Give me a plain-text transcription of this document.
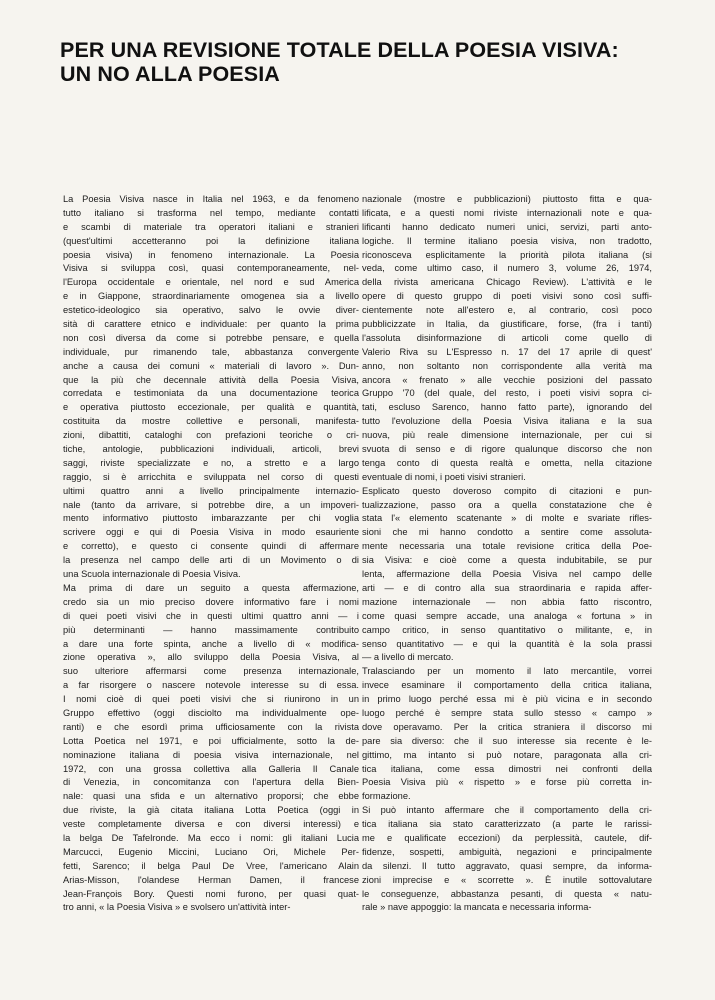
PER UNA REVISIONE TOTALE DELLA POESIA VISIVA:
UN NO ALLA POESIA
La Poesia Visiva nasce in Italia nel 1963, e da fenomeno
tutto italiano si trasforma nel tempo, mediante contatti
e scambi di materiale tra operatori italiani e stranieri
(quest'ultimi accetteranno poi la definizione italiana
poesia visiva) in fenomeno internazionale. La Poesia
Visiva si sviluppa così, quasi contemporaneamente, nel-
l'Europa occidentale e orientale, nel nord e sud America
e in Giappone, straordinariamente omogenea sia a livello
estetico-ideologico sia operativo, salvo le ovvie diver-
sità di carattere etnico e individuale: per quanto la prima
non così diversa da come si potrebbe pensare, e quella
individuale, pur rimanendo tale, abbastanza convergente
anche a causa dei comuni « materiali di lavoro ». Dun-
que la più che decennale attività della Poesia Visiva,
corredata e testimoniata da una documentazione teorica
e operativa piuttosto eccezionale, per qualità e quantità,
costituita da mostre collettive e personali, manifesta-
zioni, dibattiti, cataloghi con prefazioni teoriche o cri-
tiche, antologie, pubblicazioni individuali, articoli, brevi
saggi, riviste specializzate e no, a stretto e a largo
raggio, si è arricchita e sviluppata nel corso di questi
ultimi quattro anni a livello principalmente internazio-
nale (tanto da arrivare, si potrebbe dire, a un impoveri-
mento informativo piuttosto imbarazzante per chi voglia
scrivere oggi e qui di Poesia Visiva in modo esauriente
e corretto), e questo ci consente quindi di affermare
la presenza nel campo delle arti di un Movimento o di
una Scuola internazionale di Poesia Visiva.
Ma prima di dare un seguito a questa affermazione,
credo sia un mio preciso dovere informativo fare i nomi
di quei poeti visivi che in questi ultimi quattro anni — i
più determinanti — hanno massimamente contribuito
a dare una forte spinta, anche a livello di « modifica-
zione operativa », allo sviluppo della Poesia Visiva, al
suo ulteriore affermarsi come presenza internazionale,
a far risorgere o nascere notevole interesse su di essa.
I nomi cioè di quei poeti visivi che si riunirono in un
Gruppo effettivo (oggi disciolto ma individualmente ope-
ranti) e che esordì prima ufficiosamente con la rivista
Lotta Poetica nel 1971, e poi ufficialmente, sotto la de-
nominazione italiana di poesia visiva internazionale, nel
1972, con una grossa collettiva alla Galleria Il Canale
di Venezia, in concomitanza con l'apertura della Bien-
nale: quasi una sfida e un alternativo proporsi; che ebbe
due riviste, la già citata italiana Lotta Poetica (oggi in
veste completamente diversa e con diversi interessi) e
la belga De Tafelronde. Ma ecco i nomi: gli italiani Lucia
Marcucci, Eugenio Miccini, Luciano Ori, Michele Per-
fetti, Sarenco; il belga Paul De Vree, l'americano Alain
Arias-Misson, l'olandese Herman Damen, il francese
Jean-François Bory. Questi nomi furono, per quasi quat-
tro anni, « la Poesia Visiva » e svolsero un'attività inter-
nazionale (mostre e pubblicazioni) piuttosto fitta e qua-
lificata, e a questi nomi riviste internazionali note e qua-
lificanti hanno dedicato numeri unici, servizi, parti anto-
logiche. Il termine italiano poesia visiva, non tradotto,
riconosceva esplicitamente la priorità pilota italiana (si
veda, come ultimo caso, il numero 3, volume 26, 1974,
della rivista americana Chicago Review). L'attività e le
opere di questo gruppo di poeti visivi sono così suffi-
cientemente note all'estero e, al contrario, così poco
pubblicizzate in Italia, da giustificare, forse, (fra i tanti)
l'assoluta disinformazione di articoli come quello di
Valerio Riva su L'Espresso n. 17 del 17 aprile di quest'
anno, non soltanto non corrispondente alla verità ma
ancora « frenato » alle vecchie posizioni del passato
Gruppo '70 (del quale, del resto, i poeti visivi sopra ci-
tati, escluso Sarenco, hanno fatto parte), ignorando del
tutto l'evoluzione della Poesia Visiva italiana e la sua
nuova, più reale dimensione internazionale, per cui si
svuota di senso e di rigore qualunque discorso che non
tenga conto di questa realtà e ometta, nella citazione
eventuale di nomi, i poeti visivi stranieri.
Esplicato questo doveroso compito di citazioni e pun-
tualizzazione, passo ora a quella constatazione che è
stata l'« elemento scatenante » di molte e svariate rifles-
sioni che mi hanno condotto a sentire come assoluta-
mente necessaria una totale revisione critica della Poe-
sia Visiva: e cioè come a questa indubitabile, se pur
lenta, affermazione della Poesia Visiva nel campo delle
arti — e di contro alla sua straordinaria e rapida affer-
mazione internazionale — non abbia fatto riscontro,
come quasi sempre accade, una analoga « fortuna » in
campo critico, in senso quantitativo o militante, e, in
senso quantitativo — e qui la quantità è la sola prassi
— a livello di mercato.
Tralasciando per un momento il lato mercantile, vorrei
invece esaminare il comportamento della critica italiana,
in primo luogo perché essa mi è più vicina e in secondo
luogo perché è sempre stata sullo stesso « campo »
dove operavamo. Per la critica straniera il discorso mi
pare sia diverso: che il suo interesse sia recente è le-
gittimo, ma intanto si può notare, paragonata alla cri-
tica italiana, come essa dimostri nei confronti della
Poesia Visiva più « rispetto » e forse più corretta in-
formazione.
Si può intanto affermare che il comportamento della cri-
tica italiana sia stato caratterizzato (a parte le rarissi-
me e qualificate eccezioni) da perplessità, cautele, dif-
fidenze, sospetti, ambiguità, negazioni e principalmente
da silenzi. Il tutto aggravato, quasi sempre, da informa-
zioni imprecise e « scorrette ». È inutile sottovalutare
le conseguenze, abbastanza pesanti, di questa « natu-
rale » nave appoggio: la mancata e necessaria informa-
